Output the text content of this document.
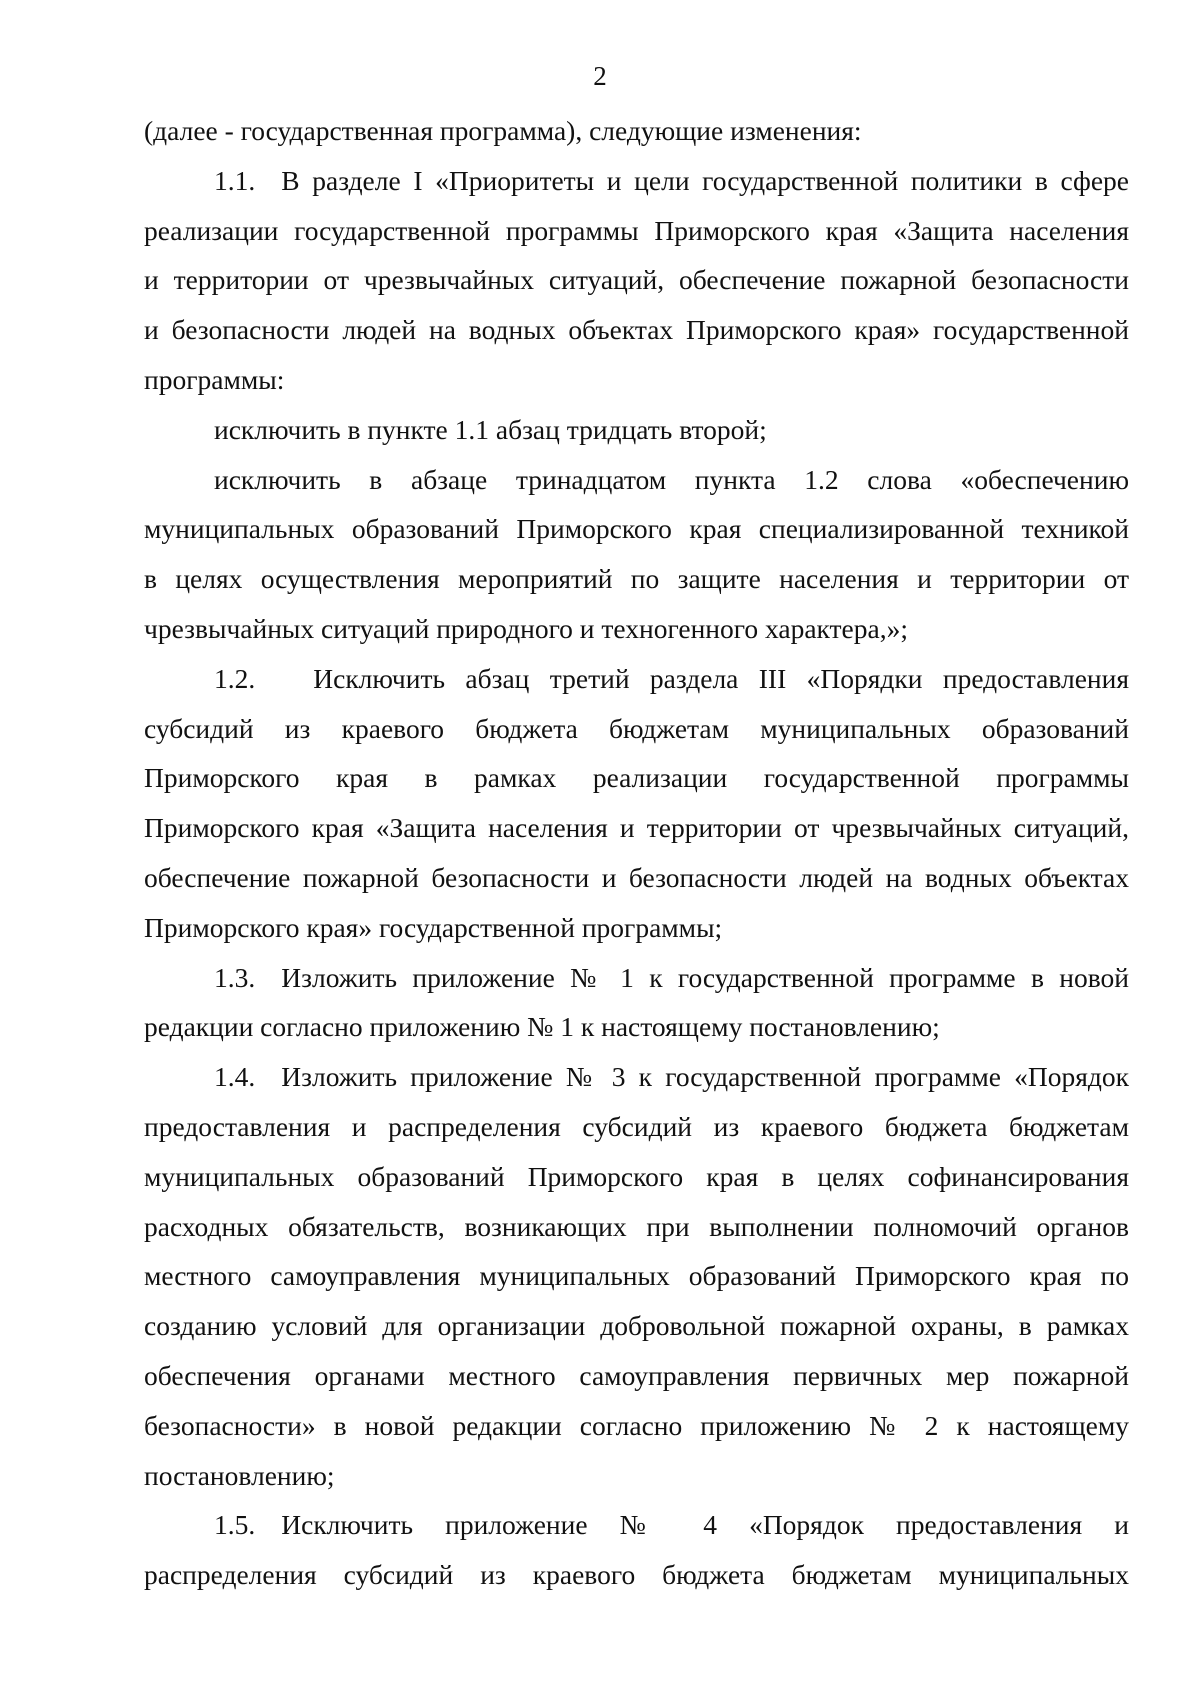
2
(далее - государственная программа), следующие изменения:
1.1. В разделе I «Приоритеты и цели государственной политики в сфере
реализации государственной программы Приморского края «Защита населения
и территории от чрезвычайных ситуаций, обеспечение пожарной безопасности
и безопасности людей на водных объектах Приморского края» государственной
программы:
исключить в пункте 1.1 абзац тридцать второй;
исключить в абзаце тринадцатом пункта 1.2 слова «обеспечению
муниципальных образований Приморского края специализированной техникой
в целях осуществления мероприятий по защите населения и территории от
чрезвычайных ситуаций природного и техногенного характера,»;
1.2. Исключить абзац третий раздела III «Порядки предоставления
субсидий из краевого бюджета бюджетам муниципальных образований
Приморского края в рамках реализации государственной программы
Приморского края «Защита населения и территории от чрезвычайных ситуаций,
обеспечение пожарной безопасности и безопасности людей на водных объектах
Приморского края» государственной программы;
1.3. Изложить приложение № 1 к государственной программе в новой
редакции согласно приложению № 1 к настоящему постановлению;
1.4. Изложить приложение № 3 к государственной программе «Порядок
предоставления и распределения субсидий из краевого бюджета бюджетам
муниципальных образований Приморского края в целях софинансирования
расходных обязательств, возникающих при выполнении полномочий органов
местного самоуправления муниципальных образований Приморского края по
созданию условий для организации добровольной пожарной охраны, в рамках
обеспечения органами местного самоуправления первичных мер пожарной
безопасности» в новой редакции согласно приложению № 2 к настоящему
постановлению;
1.5. Исключить приложение № 4 «Порядок предоставления и
распределения субсидий из краевого бюджета бюджетам муниципальных
